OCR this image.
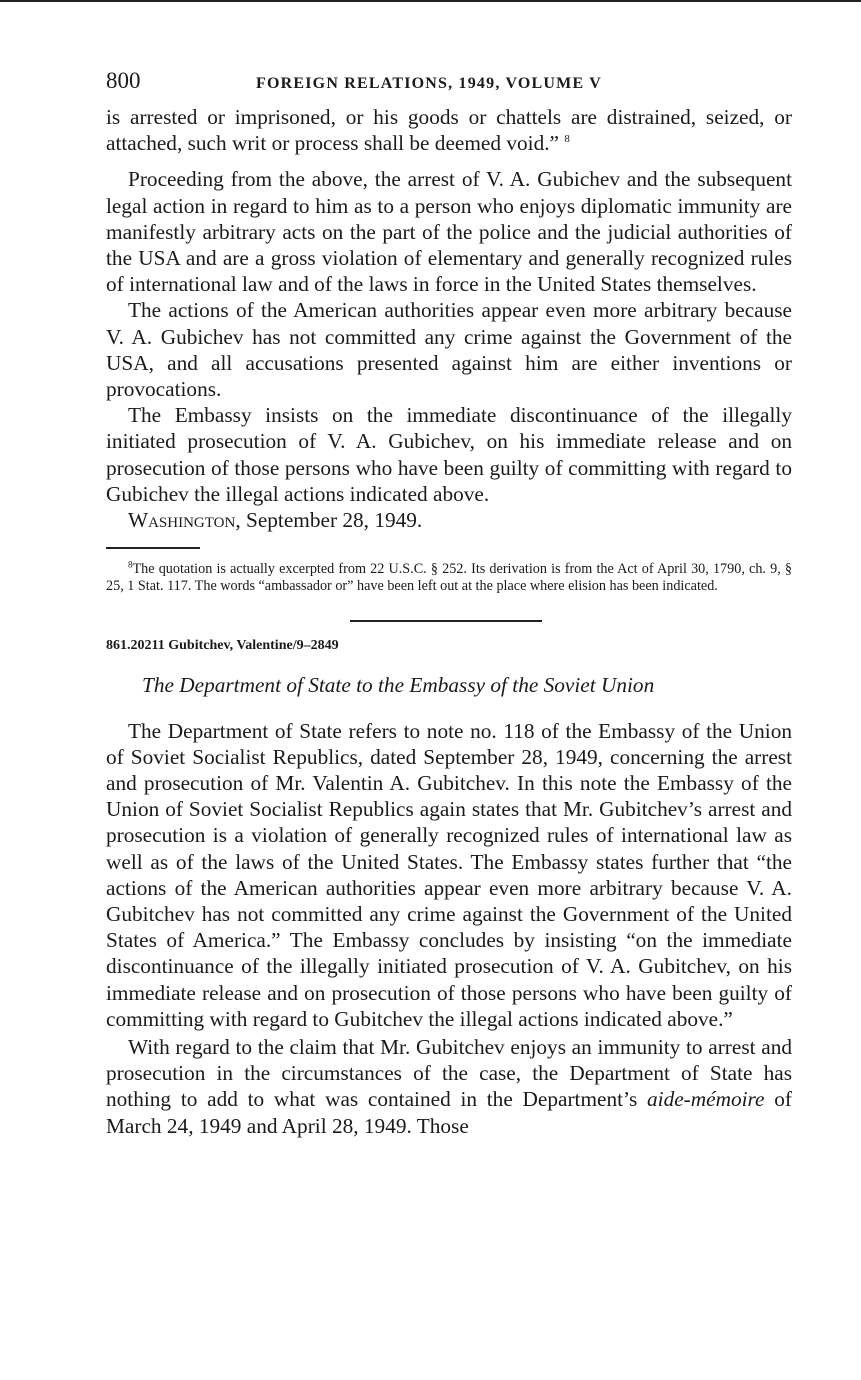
800	FOREIGN RELATIONS, 1949, VOLUME V

is arrested or imprisoned, or his goods or chattels are distrained, seized, or attached, such writ or process shall be deemed void.” $^8$

Proceeding from the above, the arrest of V. A. Gubichev and the subsequent legal action in regard to him as to a person who enjoys diplomatic immunity are manifestly arbitrary acts on the part of the police and the judicial authorities of the USA and are a gross violation of elementary and generally recognized rules of international law and of the laws in force in the United States themselves.

The actions of the American authorities appear even more arbitrary because V. A. Gubichev has not committed any crime against the Government of the USA, and all accusations presented against him are either inventions or provocations.

The Embassy insists on the immediate discontinuance of the illegally initiated prosecution of V. A. Gubichev, on his immediate release and on prosecution of those persons who have been guilty of committing with regard to Gubichev the illegal actions indicated above.

Washington, September 28, 1949.

$^8$The quotation is actually excerpted from 22 U.S.C. § 252. Its derivation is from the Act of April 30, 1790, ch. 9, § 25, 1 Stat. 117. The words “ambassador or” have been left out at the place where elision has been indicated.

861.20211 Gubitchev, Valentine/9–2849

The Department of State to the Embassy of the Soviet Union

The Department of State refers to note no. 118 of the Embassy of the Union of Soviet Socialist Republics, dated September 28, 1949, concerning the arrest and prosecution of Mr. Valentin A. Gubitchev. In this note the Embassy of the Union of Soviet Socialist Republics again states that Mr. Gubitchev’s arrest and prosecution is a violation of generally recognized rules of international law as well as of the laws of the United States. The Embassy states further that “the actions of the American authorities appear even more arbitrary because V. A. Gubitchev has not committed any crime against the Government of the United States of America.” The Embassy concludes by insisting “on the immediate discontinuance of the illegally initiated prosecution of V. A. Gubitchev, on his immediate release and on prosecution of those persons who have been guilty of committing with regard to Gubitchev the illegal actions indicated above.”

With regard to the claim that Mr. Gubitchev enjoys an immunity to arrest and prosecution in the circumstances of the case, the Department of State has nothing to add to what was contained in the Department’s aide-mémoire of March 24, 1949 and April 28, 1949. Those
